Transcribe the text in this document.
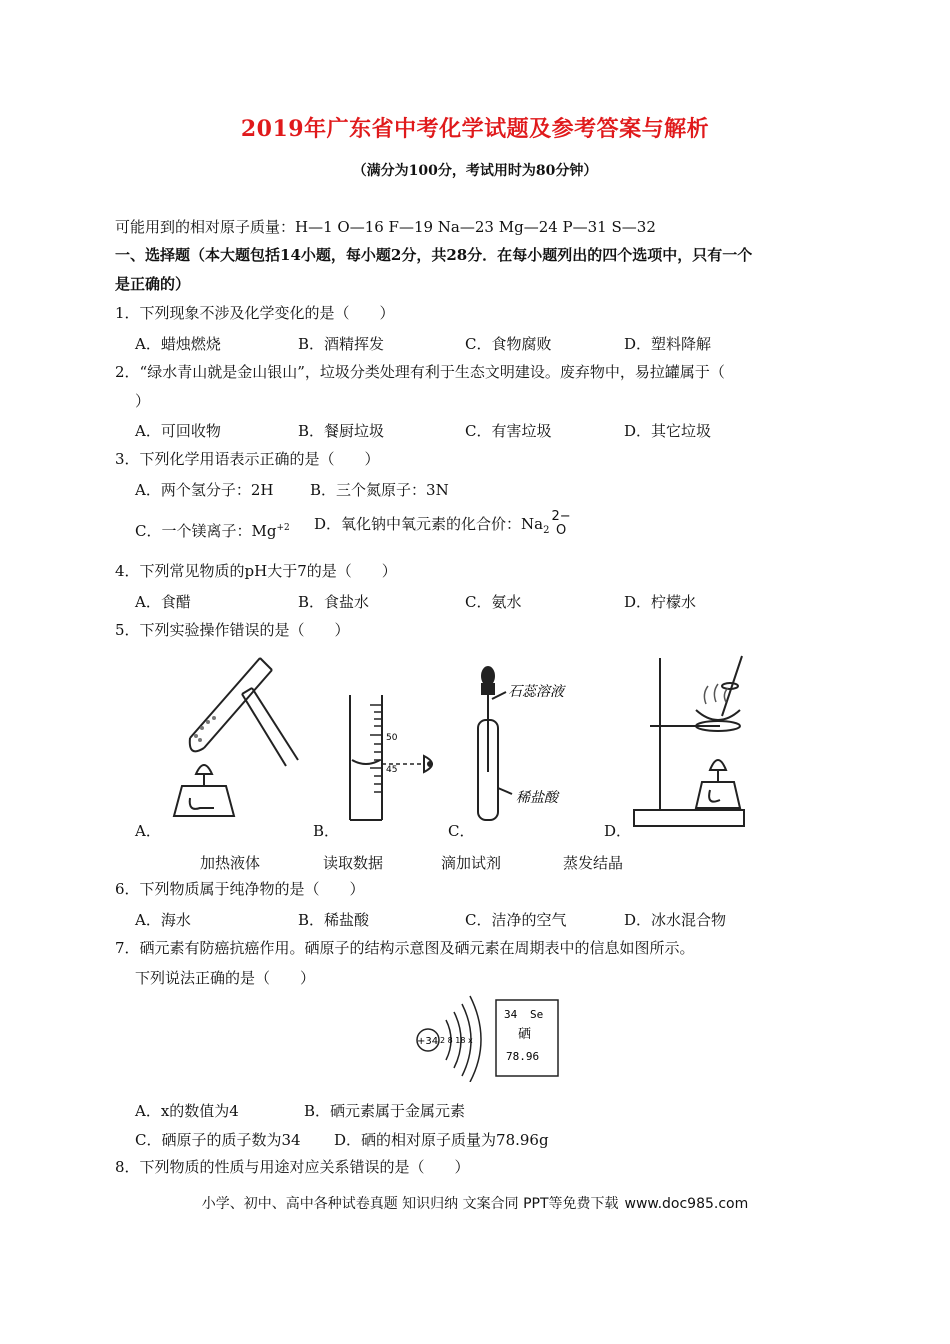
2019年广东省中考化学试题及参考答案与解析
（满分为100分，考试用时为80分钟）
可能用到的相对原子质量：H—1 O—16 F—19 Na—23 Mg—24 P—31 S—32
一、选择题（本大题包括14小题，每小题2分，共28分．在每小题列出的四个选项中，只有一个
是正确的）
1．下列现象不涉及化学变化的是（　　）
A．蜡烛燃烧	B．酒精挥发	C．食物腐败	D．塑料降解
2．“绿水青山就是金山银山”，垃圾分类处理有利于生态文明建设。废弃物中，易拉罐属于（
）
A．可回收物	B．餐厨垃圾	C．有害垃圾	D．其它垃圾
3．下列化学用语表示正确的是（　　）
A．两个氢分子：2H B．三个氮原子：3N
C．一个镁离子：$Mg^{+2}$ D．氧化钠中氧元素的化合价：$Na_2$
2−
O
4．下列常见物质的pH大于7的是（　　）
A．食醋	B．食盐水	C．氨水	D．柠檬水
5．下列实验操作错误的是（　　）
50
45
石蕊溶液
稀盐酸
A．	B．	C．	D．
加热液体	读取数据	滴加试剂	蒸发结晶
6．下列物质属于纯净物的是（　　）
A．海水	B．稀盐酸	C．洁净的空气	D．冰水混合物
7．硒元素有防癌抗癌作用。硒原子的结构示意图及硒元素在周期表中的信息如图所示。
下列说法正确的是（　　）
+34 2 8 18 x
34 Se
硒
78.96
A．x的数值为4	B．硒元素属于金属元素
C．硒原子的质子数为34 D．硒的相对原子质量为78.96g
8．下列物质的性质与用途对应关系错误的是（　　）
小学、初中、高中各种试卷真题 知识归纳 文案合同 PPT等免费下载 www.doc985.com
